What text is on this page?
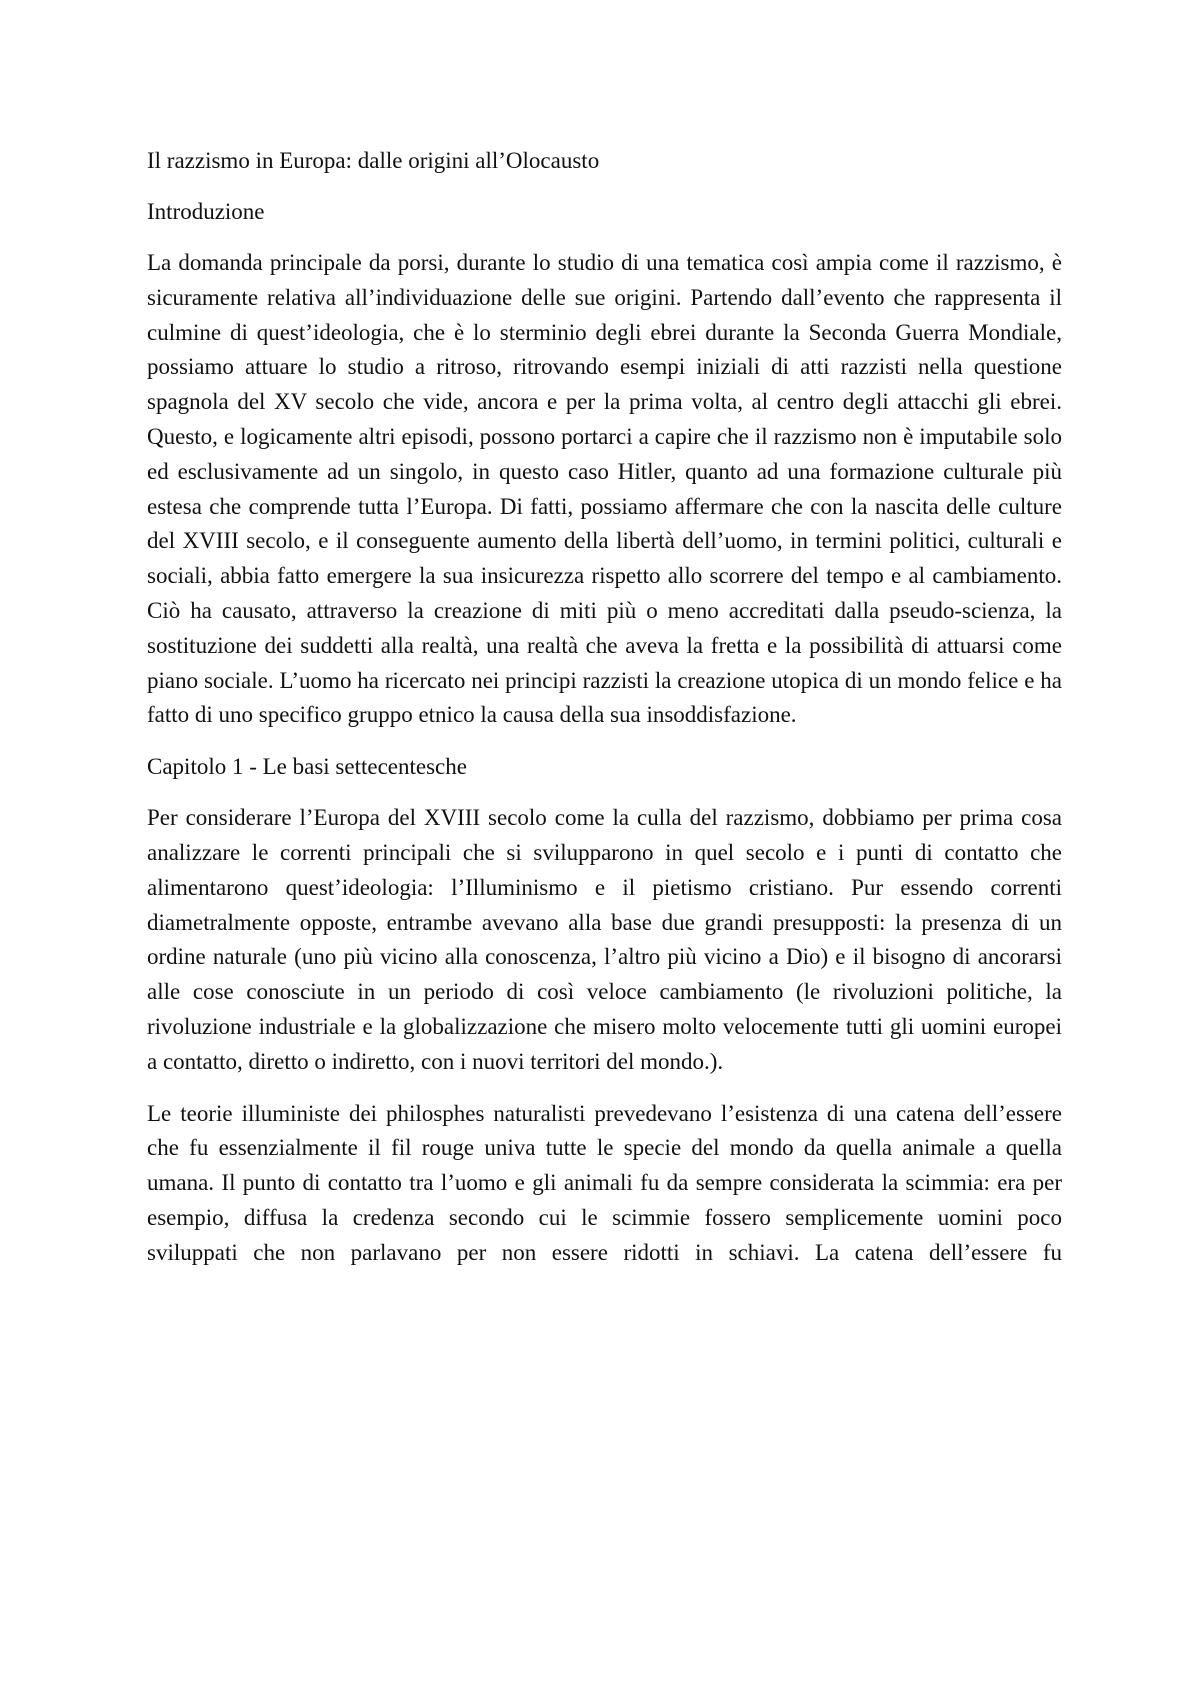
Il razzismo in Europa: dalle origini all’Olocausto
Introduzione

La domanda principale da porsi, durante lo studio di una tematica così ampia come il razzismo, è sicuramente relativa all’individuazione delle sue origini. Partendo dall’evento che rappresenta il culmine di quest’ideologia, che è lo sterminio degli ebrei durante la Seconda Guerra Mondiale, possiamo attuare lo studio a ritroso, ritrovando esempi iniziali di atti razzisti nella questione spagnola del XV secolo che vide, ancora e per la prima volta, al centro degli attacchi gli ebrei. Questo, e logicamente altri episodi, possono portarci a capire che il razzismo non è imputabile solo ed esclusivamente ad un singolo, in questo caso Hitler, quanto ad una formazione culturale più estesa che comprende tutta l’Europa. Di fatti, possiamo affermare che con la nascita delle culture del XVIII secolo, e il conseguente aumento della libertà dell’uomo, in termini politici, culturali e sociali, abbia fatto emergere la sua insicurezza rispetto allo scorrere del tempo e al cambiamento. Ciò ha causato, attraverso la creazione di miti più o meno accreditati dalla pseudo-scienza, la sostituzione dei suddetti alla realtà, una realtà che aveva la fretta e la possibilità di attuarsi come piano sociale. L’uomo ha ricercato nei principi razzisti la creazione utopica di un mondo felice e ha fatto di uno specifico gruppo etnico la causa della sua insoddisfazione.

Capitolo 1 - Le basi settecentesche

Per considerare l’Europa del XVIII secolo come la culla del razzismo, dobbiamo per prima cosa analizzare le correnti principali che si svilupparono in quel secolo e i punti di contatto che alimentarono quest’ideologia: l’Illuminismo e il pietismo cristiano. Pur essendo correnti diametralmente opposte, entrambe avevano alla base due grandi presupposti: la presenza di un ordine naturale (uno più vicino alla conoscenza, l’altro più vicino a Dio) e il bisogno di ancorarsi alle cose conosciute in un periodo di così veloce cambiamento (le rivoluzioni politiche, la rivoluzione industriale e la globalizzazione che misero molto velocemente tutti gli uomini europei a contatto, diretto o indiretto, con i nuovi territori del mondo.).

Le teorie illuministe dei philosphes naturalisti prevedevano l’esistenza di una catena dell’essere che fu essenzialmente il fil rouge univa tutte le specie del mondo da quella animale a quella umana. Il punto di contatto tra l’uomo e gli animali fu da sempre considerata la scimmia: era per esempio, diffusa la credenza secondo cui le scimmie fossero semplicemente uomini poco sviluppati che non parlavano per non essere ridotti in schiavi. La catena dell’essere fu
